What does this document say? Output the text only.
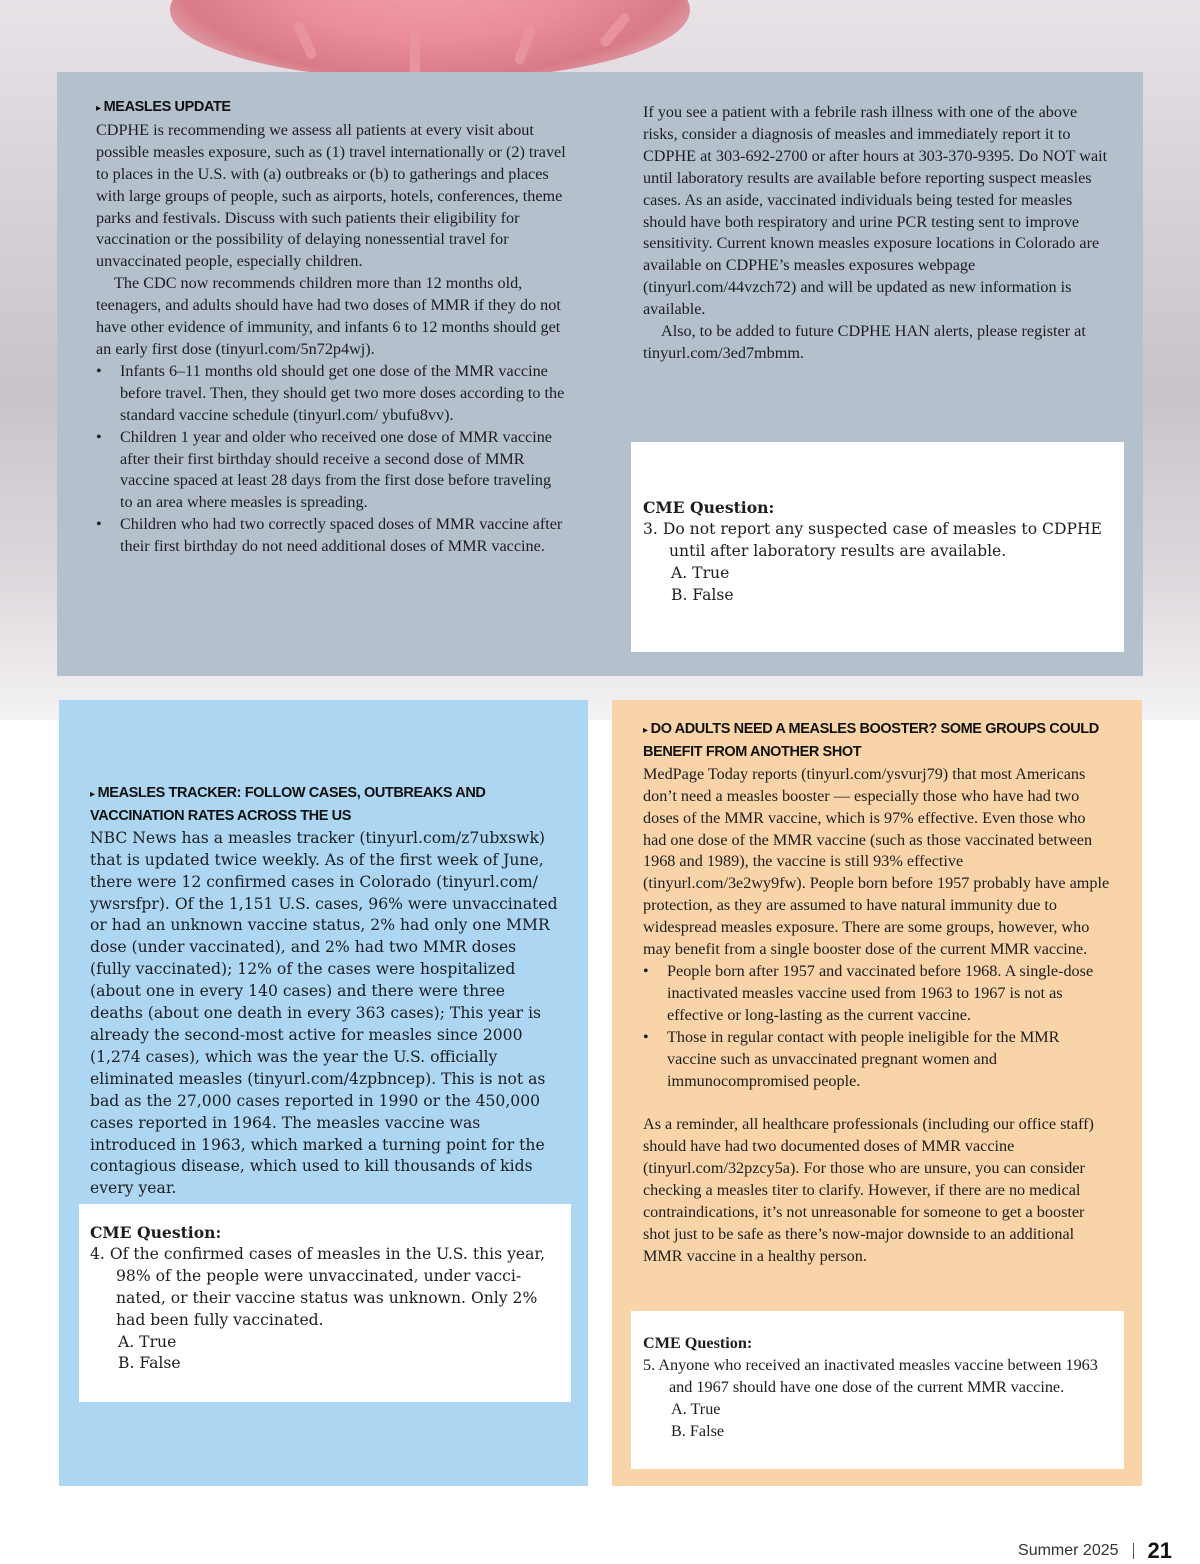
▸ MEASLES UPDATE

CDPHE is recommending we assess all patients at every visit about possible measles exposure, such as (1) travel internationally or (2) travel to places in the U.S. with (a) outbreaks or (b) to gatherings and places with large groups of people, such as airports, hotels, conferences, theme parks and festivals. Discuss with such patients their eligibility for vaccination or the possibility of delaying nonessential travel for unvaccinated people, especially children.

The CDC now recommends children more than 12 months old, teenagers, and adults should have had two doses of MMR if they do not have other evidence of immunity, and infants 6 to 12 months should get an early first dose (tinyurl.com/5n72p4wj).

• Infants 6–11 months old should get one dose of the MMR vaccine before travel. Then, they should get two more doses according to the standard vaccine schedule (tinyurl.com/ ybufu8vv).
• Children 1 year and older who received one dose of MMR vaccine after their first birthday should receive a second dose of MMR vaccine spaced at least 28 days from the first dose before traveling to an area where measles is spreading.
• Children who had two correctly spaced doses of MMR vaccine after their first birthday do not need additional doses of MMR vaccine.

If you see a patient with a febrile rash illness with one of the above risks, consider a diagnosis of measles and immediately report it to CDPHE at 303-692-2700 or after hours at 303-370-9395. Do NOT wait until laboratory results are available before reporting suspect measles cases. As an aside, vaccinated individuals being tested for measles should have both respiratory and urine PCR testing sent to improve sensitivity. Current known measles exposure locations in Colorado are available on CDPHE’s measles exposures webpage (tinyurl.com/44vzch72) and will be updated as new information is available.

Also, to be added to future CDPHE HAN alerts, please register at tinyurl.com/3ed7mbmm.

CME Question:
3. Do not report any suspected case of measles to CDPHE until after laboratory results are available.
A. True
B. False
▸ MEASLES TRACKER: FOLLOW CASES, OUTBREAKS AND VACCINATION RATES ACROSS THE US

NBC News has a measles tracker (tinyurl.com/z7ubxswk) that is updated twice weekly. As of the first week of June, there were 12 confirmed cases in Colorado (tinyurl.com/ ywsrsfpr). Of the 1,151 U.S. cases, 96% were unvaccinated or had an unknown vaccine status, 2% had only one MMR dose (under vaccinated), and 2% had two MMR doses (fully vaccinated); 12% of the cases were hospitalized (about one in every 140 cases) and there were three deaths (about one death in every 363 cases); This year is already the second-most active for measles since 2000 (1,274 cases), which was the year the U.S. officially eliminated measles (tinyurl.com/4zpbncep). This is not as bad as the 27,000 cases reported in 1990 or the 450,000 cases reported in 1964. The measles vaccine was introduced in 1963, which marked a turning point for the contagious disease, which used to kill thousands of kids every year.

CME Question:
4. Of the confirmed cases of measles in the U.S. this year, 98% of the people were unvaccinated, under vacci- nated, or their vaccine status was unknown. Only 2% had been fully vaccinated.
A. True
B. False
▸ DO ADULTS NEED A MEASLES BOOSTER? SOME GROUPS COULD BENEFIT FROM ANOTHER SHOT

MedPage Today reports (tinyurl.com/ysvurj79) that most Americans don’t need a measles booster — especially those who have had two doses of the MMR vaccine, which is 97% effective. Even those who had one dose of the MMR vaccine (such as those vaccinated between 1968 and 1989), the vaccine is still 93% effective (tinyurl.com/3e2wy9fw). People born before 1957 probably have ample protection, as they are assumed to have natural immunity due to widespread measles exposure. There are some groups, however, who may benefit from a single booster dose of the current MMR vaccine.

• People born after 1957 and vaccinated before 1968. A single-dose inactivated measles vaccine used from 1963 to 1967 is not as effective or long-lasting as the current vaccine.
• Those in regular contact with people ineligible for the MMR vaccine such as unvaccinated pregnant women and immunocompromised people.

As a reminder, all healthcare professionals (including our office staff) should have had two documented doses of MMR vaccine (tinyurl.com/32pzcy5a). For those who are unsure, you can consider checking a measles titer to clarify. However, if there are no medical contraindications, it’s not unreasonable for someone to get a booster shot just to be safe as there’s now-major downside to an additional MMR vaccine in a healthy person.

CME Question:
5. Anyone who received an inactivated measles vaccine between 1963 and 1967 should have one dose of the current MMR vaccine.
A. True
B. False
Summer 2025 21
